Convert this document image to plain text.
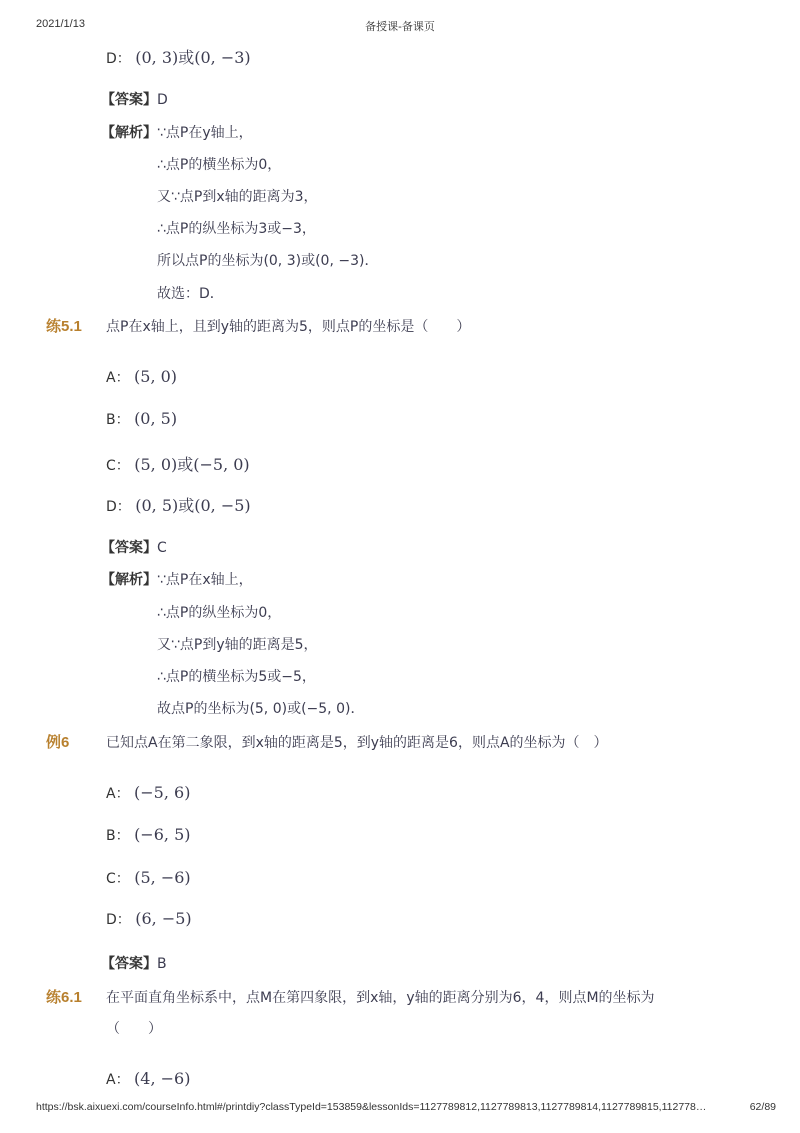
2021/1/13	备授课-备课页
D： (0, 3)或(0, −3)
【答案】D
【解析】∵点P在y轴上，
∴点P的横坐标为0，
又∵点P到x轴的距离为3，
∴点P的纵坐标为3或−3，
所以点P的坐标为(0, 3)或(0, −3)．
故选：D．
练5.1 点P在x轴上，且到y轴的距离为5，则点P的坐标是（　　）
A： (5, 0)
B： (0, 5)
C： (5, 0)或(−5, 0)
D： (0, 5)或(0, −5)
【答案】C
【解析】∵点P在x轴上，
∴点P的纵坐标为0，
又∵点P到y轴的距离是5，
∴点P的横坐标为5或−5，
故点P的坐标为(5, 0)或(−5, 0)．
例6	已知点A在第二象限，到x轴的距离是5，到y轴的距离是6，则点A的坐标为（　）
A： (−5, 6)
B： (−6, 5)
C： (5, −6)
D： (6, −5)
【答案】B
练6.1 在平面直角坐标系中，点M在第四象限，到x轴，y轴的距离分别为6，4，则点M的坐标为
（　　）
A： (4, −6)
https://bsk.aixuexi.com/courseInfo.html#/printdiy?classTypeId=153859&lessonIds=1127789812,1127789813,1127789814,1127789815,112778…	62/89
